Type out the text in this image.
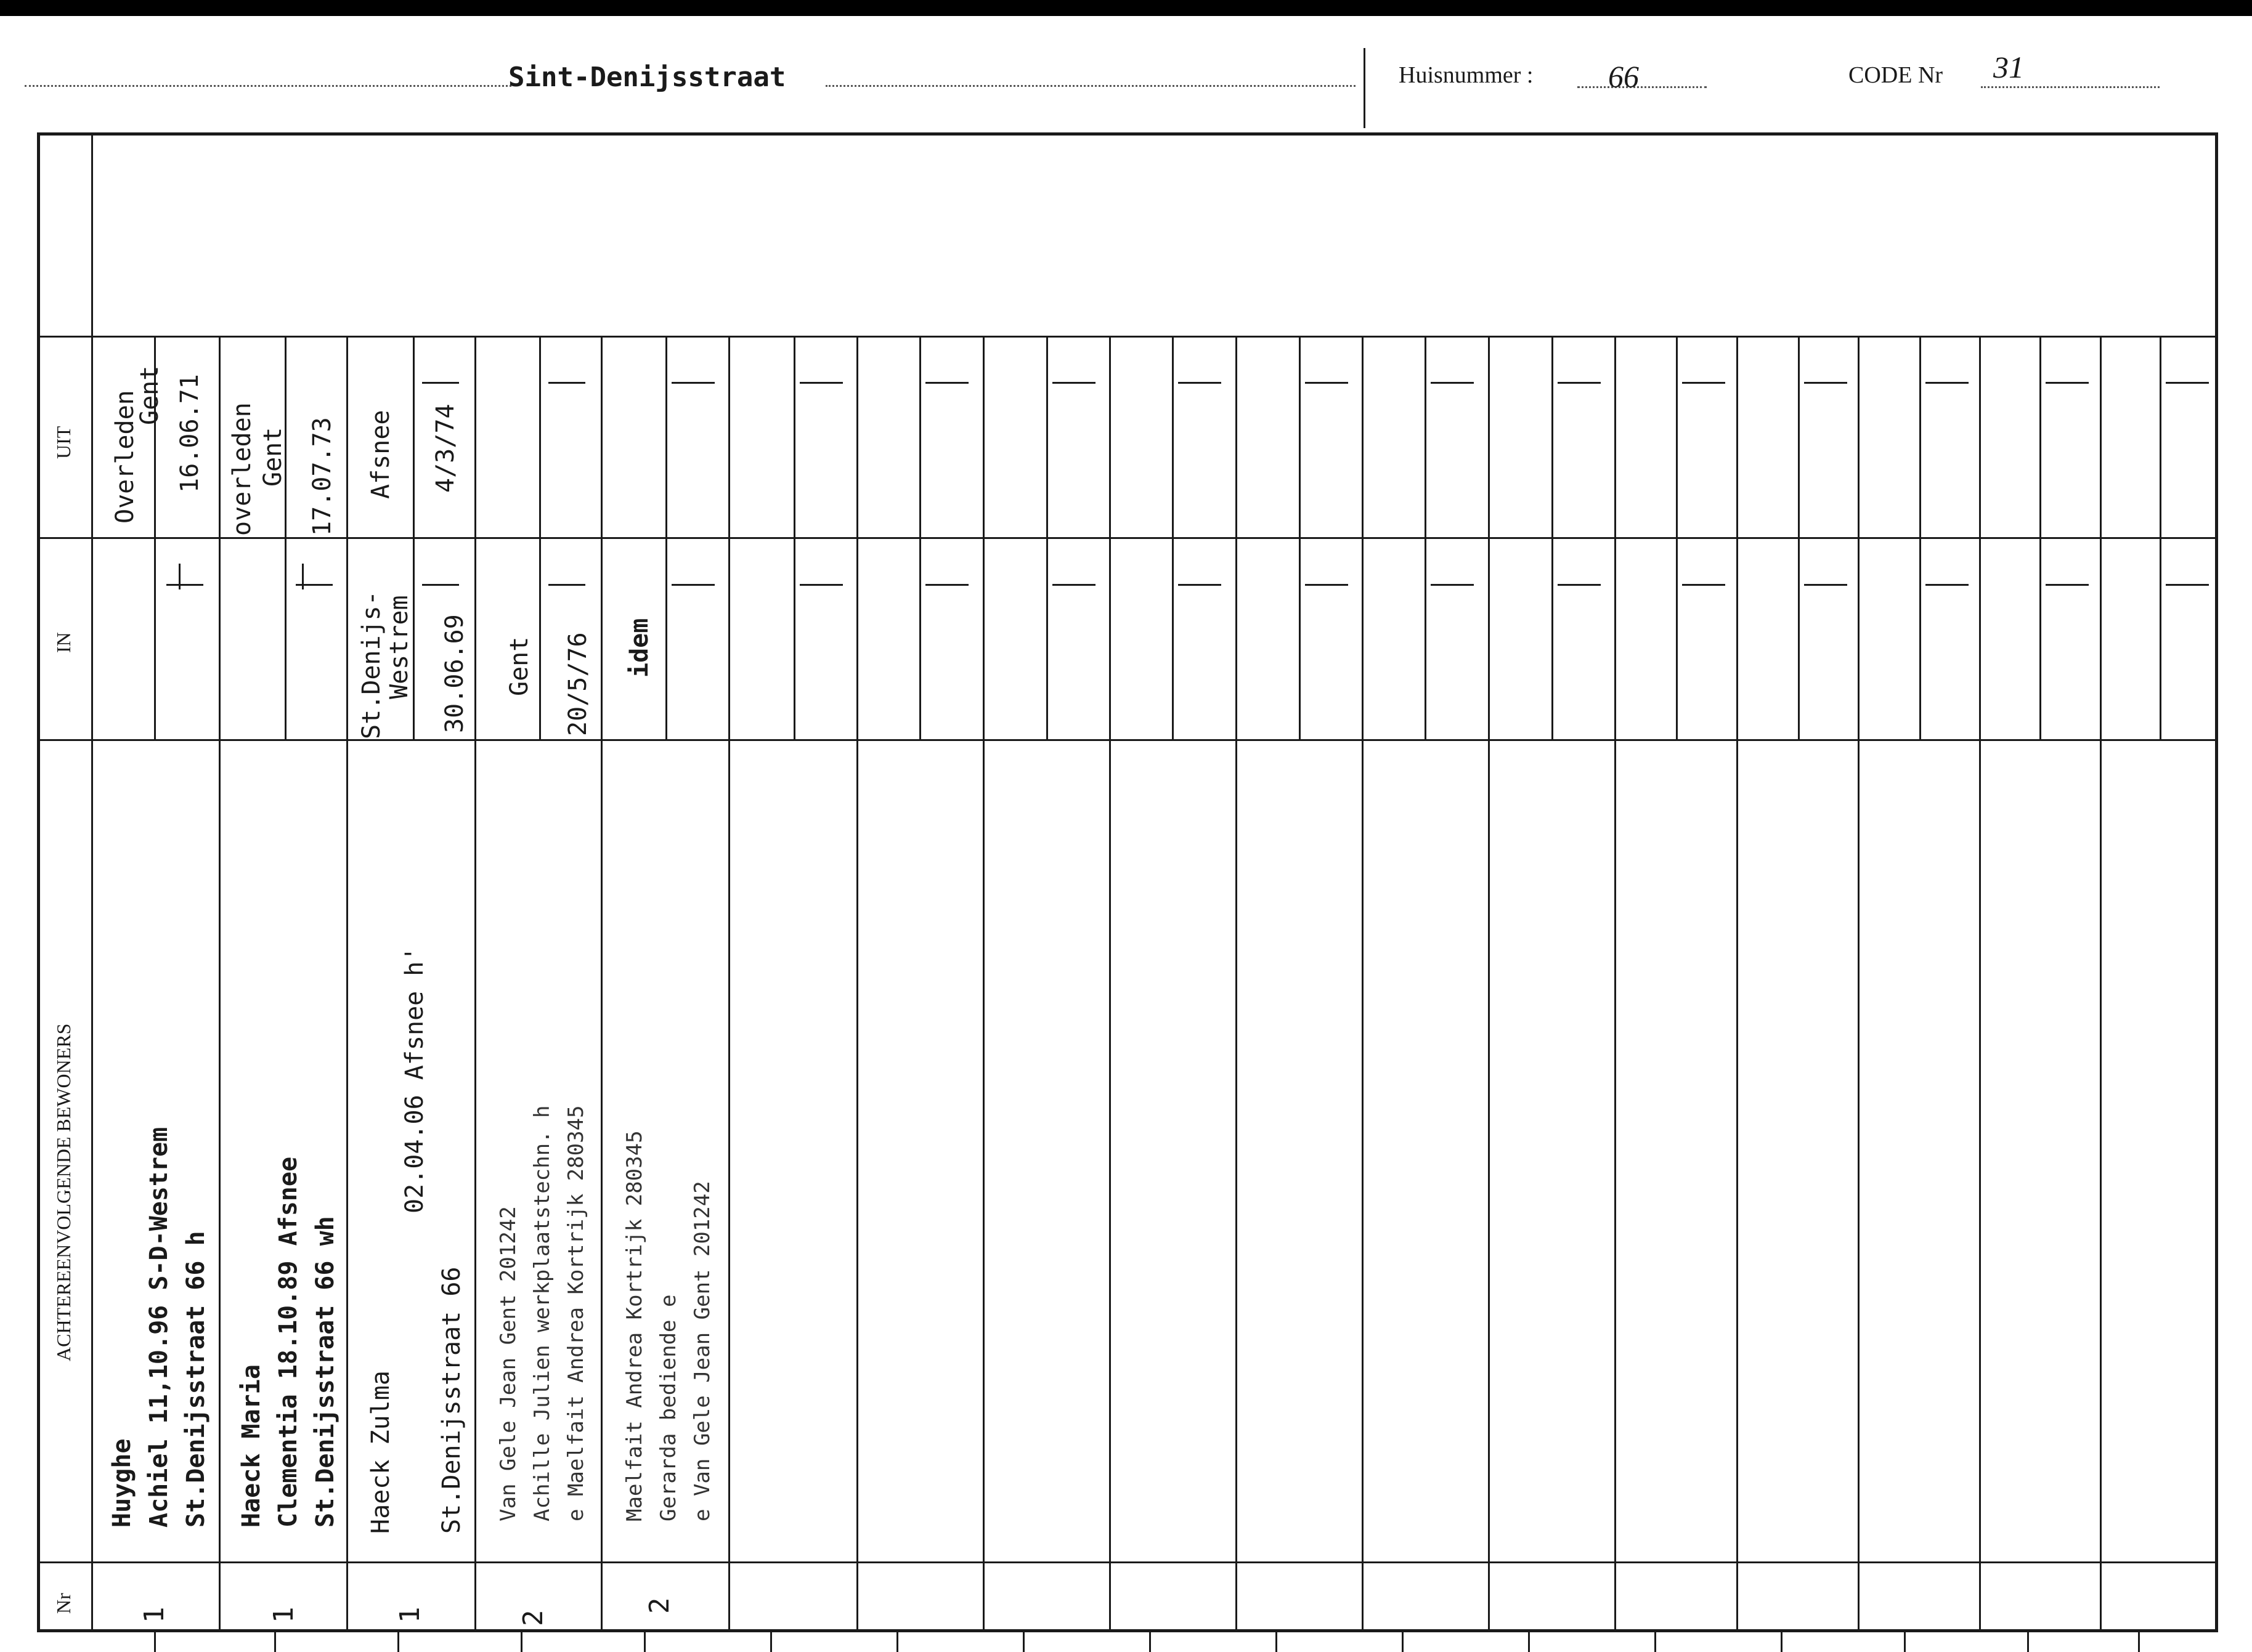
Sint-Denijsstraat	Huisnummer : 66	CODE Nr 31
UIT
IN
ACHTEREENVOLGENDE BEWONERS
Nr
Overleden
Gent 16.06.71
Huyghe Achiel 11,10.96 S-D-Westrem St.Denijsstraat 66 h
1
overleden Gent 17.07.73
Haeck Maria Clementia 18.10.89 Afsnee St.Denijsstraat 66 wh
1
Afsnee 4/3/74
St.Denijs- Westrem 30.06.69
Haeck Zulma
02.04.06 Afsnee h'
St.Denijsstraat 66
1
Gent 20/5/76
Van Gele Jean Gent 201242 Achille Julien werkplaatstechn. h e Maelfait Andrea Kortrijk 280345
2
idem
Maelfait Andrea Kortrijk 280345 Gerarda bediende e e Van Gele Jean Gent 201242
2
